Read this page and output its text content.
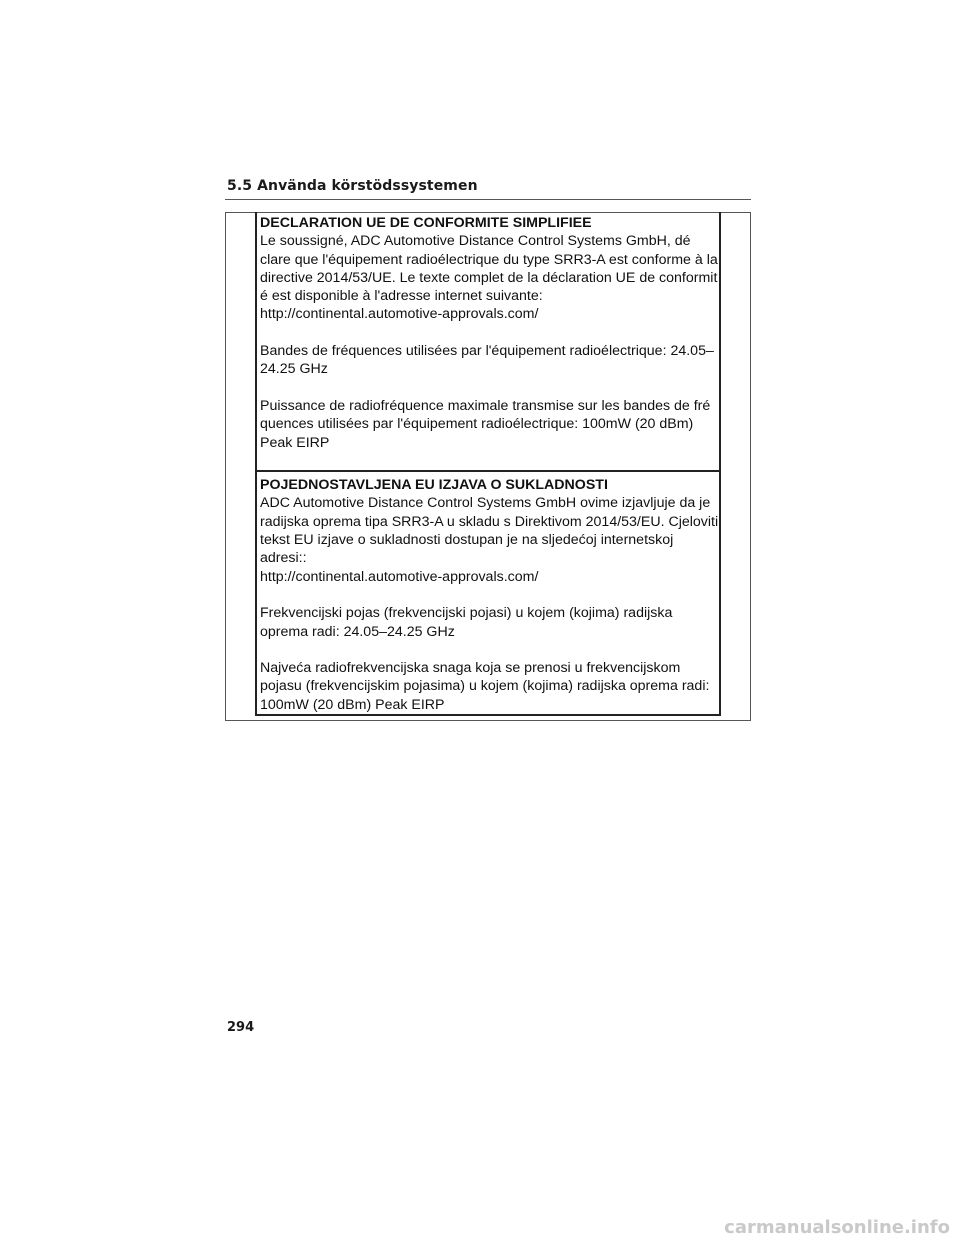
5.5 Använda körstödssystemen
DECLARATION UE DE CONFORMITE SIMPLIFIEE
Le soussigné, ADC Automotive Distance Control Systems GmbH, dé
clare que l'équipement radioélectrique du type SRR3-A est conforme à la
directive 2014/53/UE. Le texte complet de la déclaration UE de conformit
é est disponible à l'adresse internet suivante:
http://continental.automotive-approvals.com/
Bandes de fréquences utilisées par l'équipement radioélectrique: 24.05–
24.25 GHz
Puissance de radiofréquence maximale transmise sur les bandes de fré
quences utilisées par l'équipement radioélectrique: 100mW (20 dBm)
Peak EIRP
POJEDNOSTAVLJENA EU IZJAVA O SUKLADNOSTI
ADC Automotive Distance Control Systems GmbH ovime izjavljuje da je
radijska oprema tipa SRR3-A u skladu s Direktivom 2014/53/EU. Cjeloviti
tekst EU izjave o sukladnosti dostupan je na sljedećoj internetskoj
adresi::
http://continental.automotive-approvals.com/
Frekvencijski pojas (frekvencijski pojasi) u kojem (kojima) radijska
oprema radi: 24.05–24.25 GHz
Najveća radiofrekvencijska snaga koja se prenosi u frekvencijskom
pojasu (frekvencijskim pojasima) u kojem (kojima) radijska oprema radi:
100mW (20 dBm) Peak EIRP
294
carmanualsonline.info
